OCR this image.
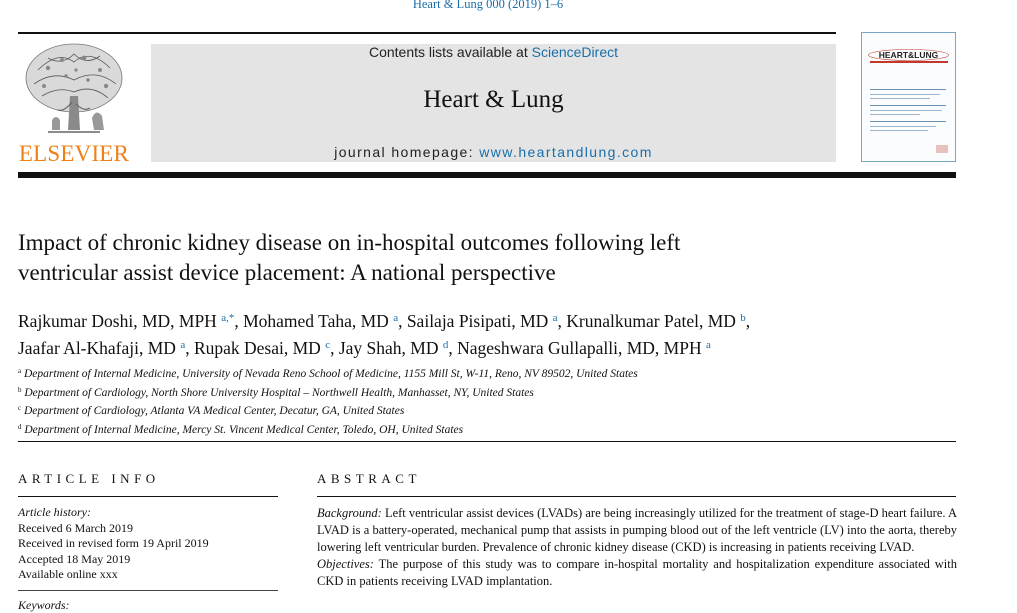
Heart & Lung 000 (2019) 1–6
ELSEVIER
Contents lists available at ScienceDirect
Heart & Lung
journal homepage: www.heartandlung.com
HEART&LUNG
Impact of chronic kidney disease on in-hospital outcomes following left
ventricular assist device placement: A national perspective
Rajkumar Doshi, MD, MPH $^{a,*}$, Mohamed Taha, MD $^a$, Sailaja Pisipati, MD $^a$, Krunalkumar Patel, MD $^b$,
Jaafar Al-Khafaji, MD $^a$, Rupak Desai, MD $^c$, Jay Shah, MD $^d$, Nageshwara Gullapalli, MD, MPH $^a$
$^a$ Department of Internal Medicine, University of Nevada Reno School of Medicine, 1155 Mill St, W-11, Reno, NV 89502, United States
$^b$ Department of Cardiology, North Shore University Hospital – Northwell Health, Manhasset, NY, United States
$^c$ Department of Cardiology, Atlanta VA Medical Center, Decatur, GA, United States
$^d$ Department of Internal Medicine, Mercy St. Vincent Medical Center, Toledo, OH, United States
ARTICLE INFO
Article history:
Received 6 March 2019
Received in revised form 19 April 2019
Accepted 18 May 2019
Available online xxx
Keywords:
ABSTRACT
Background: Left ventricular assist devices (LVADs) are being increasingly utilized for the treatment of stage-D heart failure. A LVAD is a battery-operated, mechanical pump that assists in pumping blood out of the left ventricle (LV) into the aorta, thereby lowering left ventricular burden. Prevalence of chronic kidney disease (CKD) is increasing in patients receiving LVAD.
Objectives: The purpose of this study was to compare in-hospital mortality and hospitalization expenditure associated with CKD in patients receiving LVAD implantation.
